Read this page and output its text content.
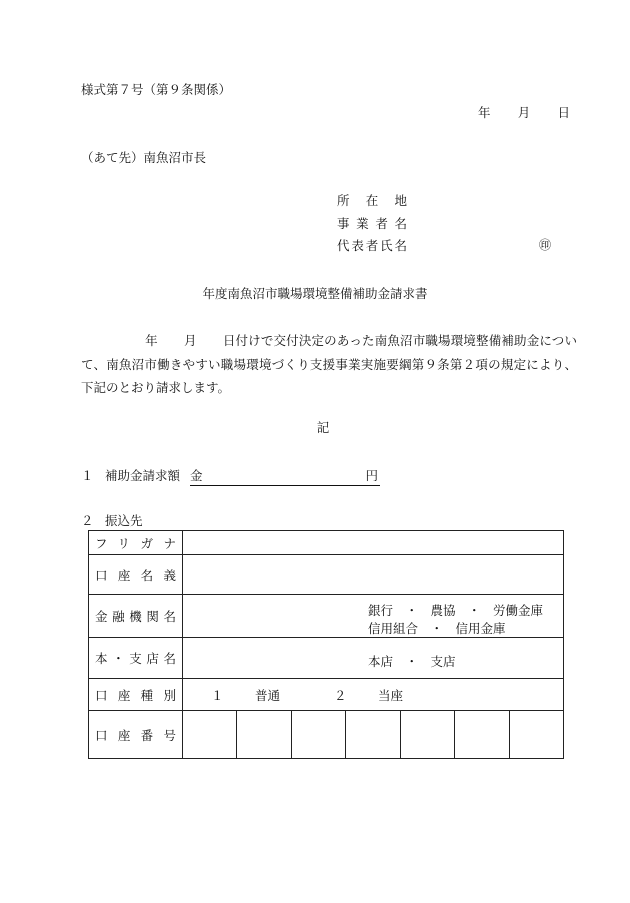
様式第７号（第９条関係）
年 月 日
（あて先）南魚沼市長
所在地
事業者名
代表者氏名	㊞
年度南魚沼市職場環境整備補助金請求書
年 月 日付けで交付決定のあった南魚沼市職場環境整備補助金について、南魚沼市働きやすい職場環境づくり支援事業実施要綱第９条第２項の規定により、下記のとおり請求します。
記
１ 補助金請求額 金	円
２ 振込先
フリガナ							

口座名義							

金融機関名	銀行　・　農協　・　労働金庫
信用組合　・　信用金庫						

本・支店名	本店　・　支店						

口座種別	１ 普通 ２ 当座						

口座番号							
